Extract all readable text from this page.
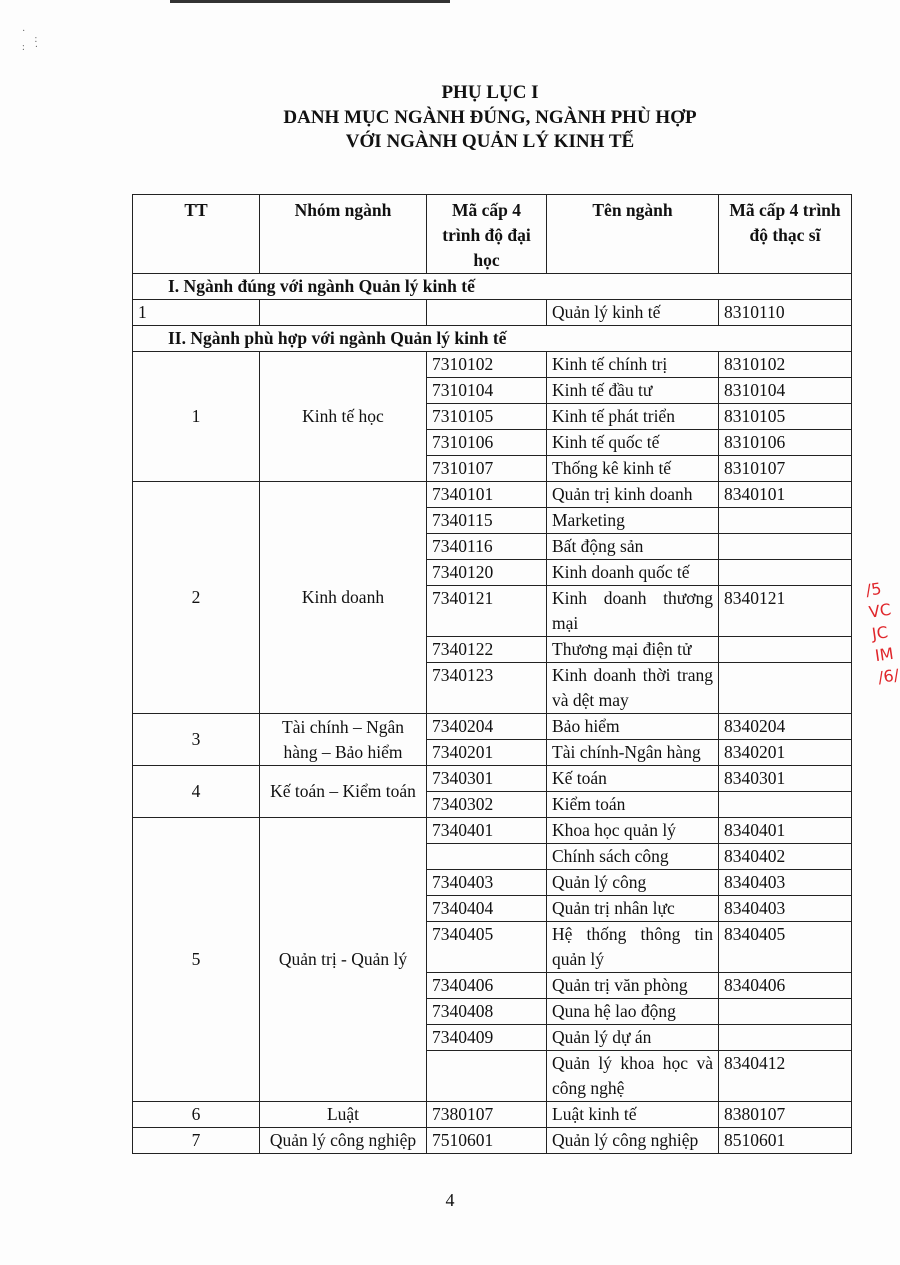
·
:
:    ·
PHỤ LỤC I
DANH MỤC NGÀNH ĐÚNG, NGÀNH PHÙ HỢP
VỚI NGÀNH QUẢN LÝ KINH TẾ
TT	Nhóm ngành	Mã cấp 4 trình độ đại học	Tên ngành	Mã cấp 4 trình độ thạc sĩ
I. Ngành đúng với ngành Quản lý kinh tế				
1			Quản lý kinh tế	8310110
II. Ngành phù hợp với ngành Quản lý kinh tế				
1	Kinh tế học	7310102	Kinh tế chính trị	8310102
		7310104	Kinh tế đầu tư	8310104
		7310105	Kinh tế phát triển	8310105
		7310106	Kinh tế quốc tế	8310106
		7310107	Thống kê kinh tế	8310107
2	Kinh doanh	7340101	Quản trị kinh doanh	8340101
		7340115	Marketing	
		7340116	Bất động sản	
		7340120	Kinh doanh quốc tế	
		7340121	Kinh doanh thương mại	8340121
		7340122	Thương mại điện tử	
		7340123	Kinh doanh thời trang và dệt may	
3	Tài chính – Ngân hàng – Bảo hiểm	7340204	Bảo hiểm	8340204
		7340201	Tài chính-Ngân hàng	8340201
4	Kế toán – Kiểm toán	7340301	Kế toán	8340301
		7340302	Kiểm toán	
5	Quản trị - Quản lý	7340401	Khoa học quản lý	8340401
			Chính sách công	8340402
		7340403	Quản lý công	8340403
		7340404	Quản trị nhân lực	8340403
		7340405	Hệ thống thông tin quản lý	8340405
		7340406	Quản trị văn phòng	8340406
		7340408	Quna hệ lao động	
		7340409	Quản lý dự án	
			Quản lý khoa học và công nghệ	8340412
6	Luật	7380107	Luật kinh tế	8380107
7	Quản lý công nghiệp	7510601	Quản lý công nghiệp	8510601
/5
VC
JC
IM
/6/
4
